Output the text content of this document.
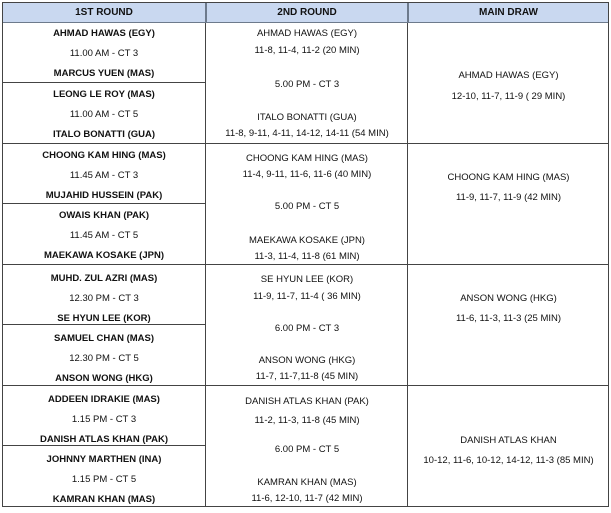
1ST ROUND	2ND ROUND	MAIN DRAW
AHMAD HAWAS (EGY)
11.00 AM - CT 3
MARCUS YUEN (MAS)
LEONG LE ROY (MAS)
11.00 AM - CT 5
ITALO BONATTI (GUA)
AHMAD HAWAS (EGY)
11-8, 11-4, 11-2 (20 MIN)
5.00 PM - CT 3
ITALO BONATTI (GUA)
11-8, 9-11, 4-11, 14-12, 14-11 (54 MIN)
AHMAD HAWAS (EGY)
12-10, 11-7, 11-9 ( 29 MIN)
CHOONG KAM HING (MAS)
11.45 AM - CT 3
MUJAHID HUSSEIN (PAK)
OWAIS KHAN (PAK)
11.45 AM - CT 5
MAEKAWA KOSAKE (JPN)
CHOONG KAM HING (MAS)
11-4, 9-11, 11-6, 11-6 (40 MIN)
5.00 PM - CT 5
MAEKAWA KOSAKE (JPN)
11-3, 11-4, 11-8 (61 MIN)
CHOONG KAM HING (MAS)
11-9, 11-7, 11-9 (42 MIN)
MUHD. ZUL AZRI (MAS)
12.30 PM - CT 3
SE HYUN LEE (KOR)
SAMUEL CHAN (MAS)
12.30 PM - CT 5
ANSON WONG (HKG)
SE HYUN LEE (KOR)
11-9, 11-7, 11-4 ( 36 MIN)
6.00 PM - CT 3
ANSON WONG (HKG)
11-7, 11-7,11-8 (45 MIN)
ANSON WONG (HKG)
11-6, 11-3, 11-3 (25 MIN)
ADDEEN IDRAKIE (MAS)
1.15 PM - CT 3
DANISH ATLAS KHAN (PAK)
JOHNNY MARTHEN (INA)
1.15 PM - CT 5
KAMRAN KHAN (MAS)
DANISH ATLAS KHAN (PAK)
11-2, 11-3, 11-8 (45 MIN)
6.00 PM - CT 5
KAMRAN KHAN (MAS)
11-6, 12-10, 11-7 (42 MIN)
DANISH ATLAS KHAN
10-12, 11-6, 10-12, 14-12, 11-3 (85 MIN)
